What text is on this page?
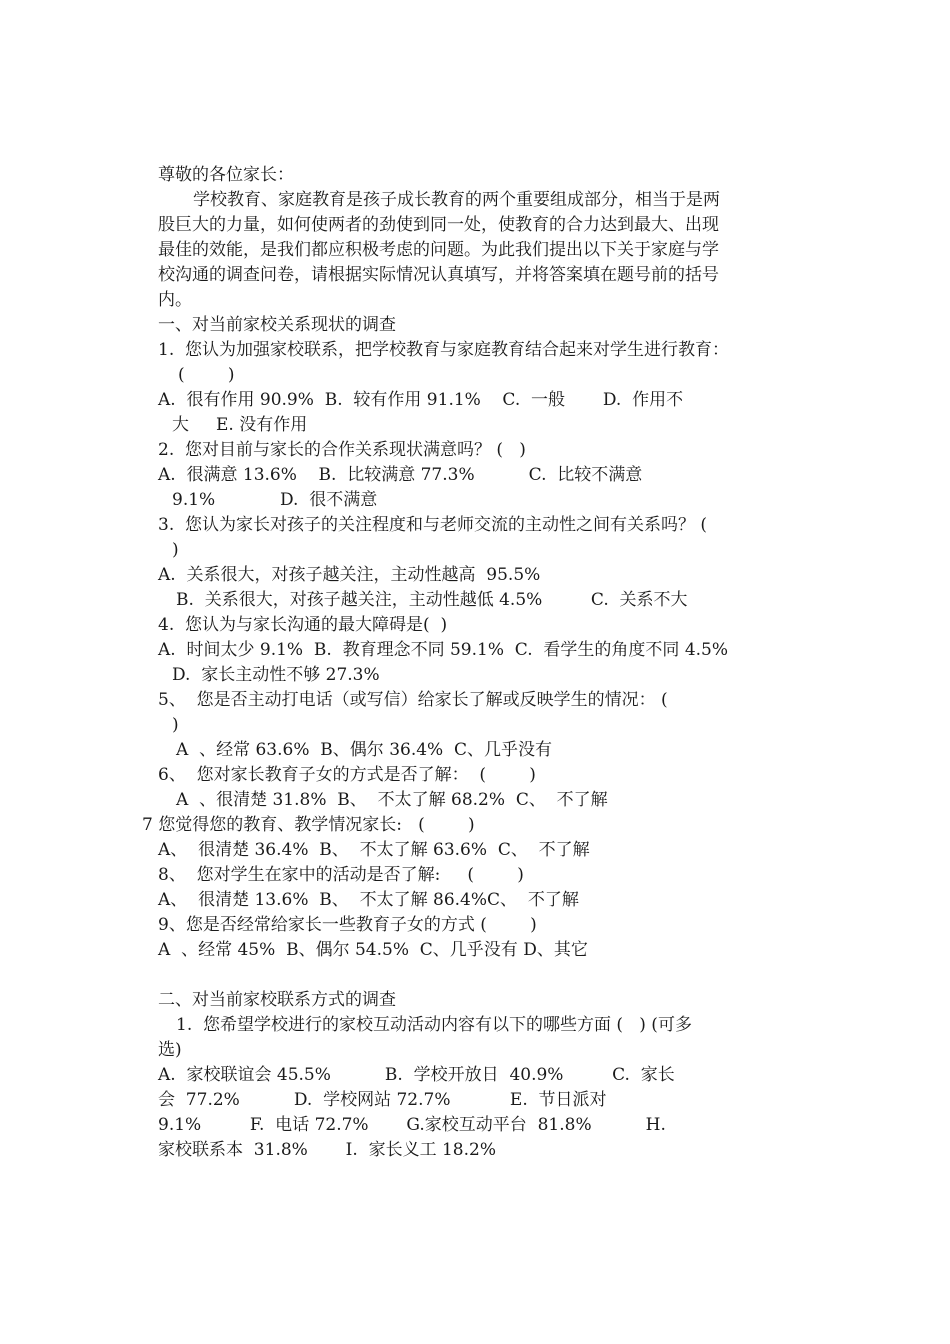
尊敬的各位家长：
学校教育、家庭教育是孩子成长教育的两个重要组成部分，相当于是两
股巨大的力量，如何使两者的劲使到同一处，使教育的合力达到最大、出现
最佳的效能，是我们都应积极考虑的问题。为此我们提出以下关于家庭与学
校沟通的调查问卷，请根据实际情况认真填写，并将答案填在题号前的括号
内。
一、对当前家校关系现状的调查
1.  您认为加强家校联系，把学校教育与家庭教育结合起来对学生进行教育：
(        )
A.  很有作用 90.9%  B.  较有作用 91.1%    C.  一般       D.  作用不
大     E. 没有作用
2.  您对目前与家长的合作关系现状满意吗？ (   )
A.  很满意 13.6%    B.  比较满意 77.3%          C.  比较不满意
9.1%            D.  很不满意
3.  您认为家长对孩子的关注程度和与老师交流的主动性之间有关系吗？ (
)
A.  关系很大，对孩子越关注，主动性越高  95.5%
B.  关系很大，对孩子越关注，主动性越低 4.5%         C.  关系不大
4.  您认为与家长沟通的最大障碍是(  )
A.  时间太少 9.1%  B.  教育理念不同 59.1%  C.  看学生的角度不同 4.5%
D.  家长主动性不够 27.3%
5、  您是否主动打电话（或写信）给家长了解或反映学生的情况： (
)
A  、经常 63.6%  B、偶尔 36.4%  C、几乎没有
6、  您对家长教育子女的方式是否了解：  (        )
A  、很清楚 31.8%  B、  不太了解 68.2%  C、  不了解
7 您觉得您的教育、教学情况家长:   (        )
A、  很清楚 36.4%  B、  不太了解 63.6%  C、  不了解
8、  您对学生在家中的活动是否了解:     (        )
A、  很清楚 13.6%  B、  不太了解 86.4%C、  不了解
9、您是否经常给家长一些教育子女的方式 (        )
A  、经常 45%  B、偶尔 54.5%  C、几乎没有 D、其它
二、对当前家校联系方式的调查
1.  您希望学校进行的家校互动活动内容有以下的哪些方面 (   ) (可多
选)
A.  家校联谊会 45.5%          B.  学校开放日  40.9%         C.  家长
会  77.2%          D.  学校网站 72.7%           E.  节日派对
9.1%         F.  电话 72.7%       G.家校互动平台  81.8%          H.
家校联系本  31.8%       I.  家长义工 18.2%
